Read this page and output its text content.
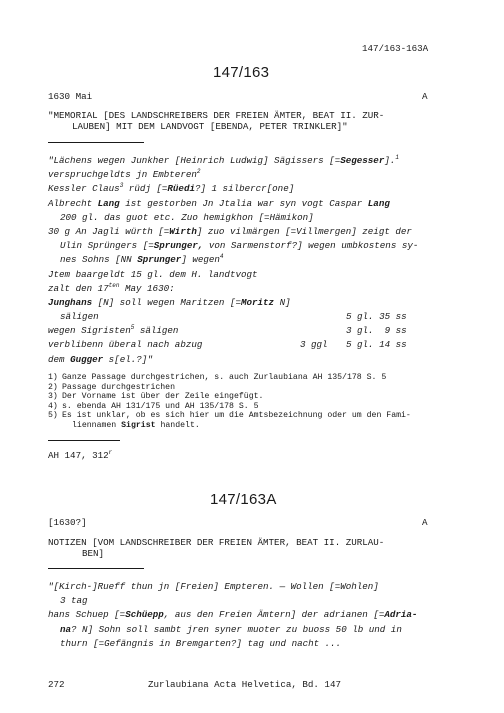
147/163-163A
147/163
1630 Mai	A
"MEMORIAL [DES LANDSCHREIBERS DER FREIEN ÄMTER, BEAT II. ZUR-
LAUBEN] MIT DEM LANDVOGT [EBENDA, PETER TRINKLER]"
"Lächens wegen Junkher [Heinrich Ludwig] Sägissers [=Segesser].$^1$
verspruchgeldts jn Embteren$^2$
Kessler Claus$^3$ rüdj [=Rüedi?] 1 silbercr[one]
Albrecht Lang ist gestorben Jn Jtalia war syn vogt Caspar Lang
200 gl. das guot etc. Zuo hemigkhon [=Hämikon]
30 g An Jagli würth [=Wirth] zuo vilmärgen [=Villmergen] zeigt der
Ulin Sprüngers [=Sprunger, von Sarmenstorf?] wegen umbkostens sy-
nes Sohns [NN Sprunger] wegen$^4$
Jtem baargeldt 15 gl. dem H. landtvogt
zalt den $17^{ten}$ May 1630:
Junghans [N] soll wegen Maritzen [=Moritz N]
säligen	5 gl. 35 ss
wegen Sigristen$^5$ säligen	3 gl.  9 ss
verblibenn überal nach abzug	3 ggl 5 gl. 14 ss
dem Gugger s[el.?]"
1) Ganze Passage durchgestrichen, s. auch Zurlaubiana AH 135/178 S. 5
2) Passage durchgestrichen
3) Der Vorname ist über der Zeile eingefügt.
4) s. ebenda AH 131/175 und AH 135/178 S. 5
5) Es ist unklar, ob es sich hier um die Amtsbezeichnung oder um den Fami-
liennamen Sigrist handelt.
AH 147, 312$^r$
147/163A
[1630?]	A
NOTIZEN [VOM LANDSCHREIBER DER FREIEN ÄMTER, BEAT II. ZURLAU-
BEN]
"[Kirch-]Rueff thun jn [Freien] Empteren. — Wollen [=Wohlen]
3 tag
hans Schuep [=Schüepp, aus den Freien Ämtern] der adrianen [=Adria-
na? N] Sohn soll sambt jren syner muoter zu buoss 50 lb und in
thurn [=Gefängnis in Bremgarten?] tag und nacht ...
272	Zurlaubiana Acta Helvetica, Bd. 147
